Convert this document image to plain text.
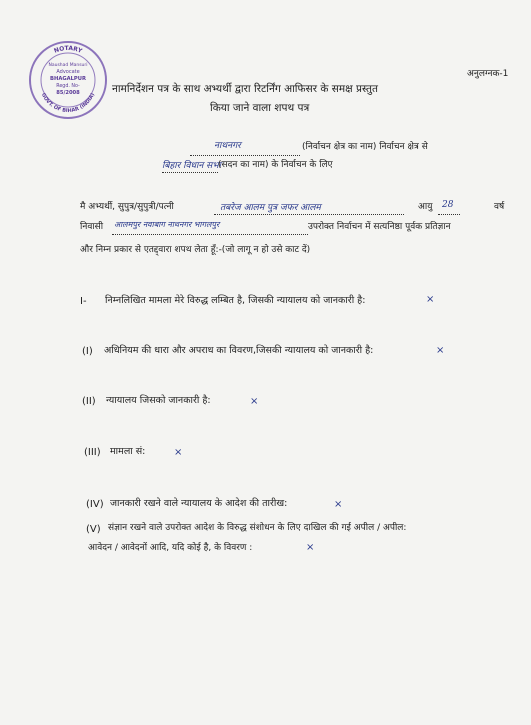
NOTARY
GOVT. OF BIHAR (INDIA)
Naushad Mansuri
Advocate
BHAGALPUR
Regd. No-
85/2008
अनुलग्नक-1
नामनिर्देशन पत्र के साथ अभ्यर्थी द्वारा रिटर्निंग आफिसर के समक्ष प्रस्तुत
किया जाने वाला शपथ पत्र
नाथनगर	(निर्वाचन क्षेत्र का नाम) निर्वाचन क्षेत्र से
बिहार विधान सभा
(सदन का नाम) के निर्वाचन के लिए
मै अभ्यर्थी, सुपुत्र/सुपुत्री/पत्नी	तबरेज आलम पुत्र जफर आलम	आयु 28	वर्ष
निवासी आलमपुर नवाबाग नाथनगर भागलपुर	उपरोक्त निर्वाचन में सत्यनिष्ठा पूर्वक प्रतिज्ञान
और निम्न प्रकार से एतद्द्वारा शपथ लेता हूँ:-(जो लागू न हो उसे काट दें)
I- निम्नलिखित मामला मेरे विरुद्ध लम्बित है, जिसकी न्यायालय को जानकारी है:	×
(I) अधिनियम की धारा और अपराध का विवरण,जिसकी न्यायालय को जानकारी है:	×
(II) न्यायालय जिसको जानकारी है:	×
(III) मामला सं:	×
(IV) जानकारी रखने वाले न्यायालय के आदेश की तारीख:	×
(V) संज्ञान रखने वाले उपरोक्त आदेश के विरुद्ध संशोधन के लिए दाखिल की गई अपील / अपील:
आवेदन / आवेदनों आदि, यदि कोई है, के विवरण :	×
